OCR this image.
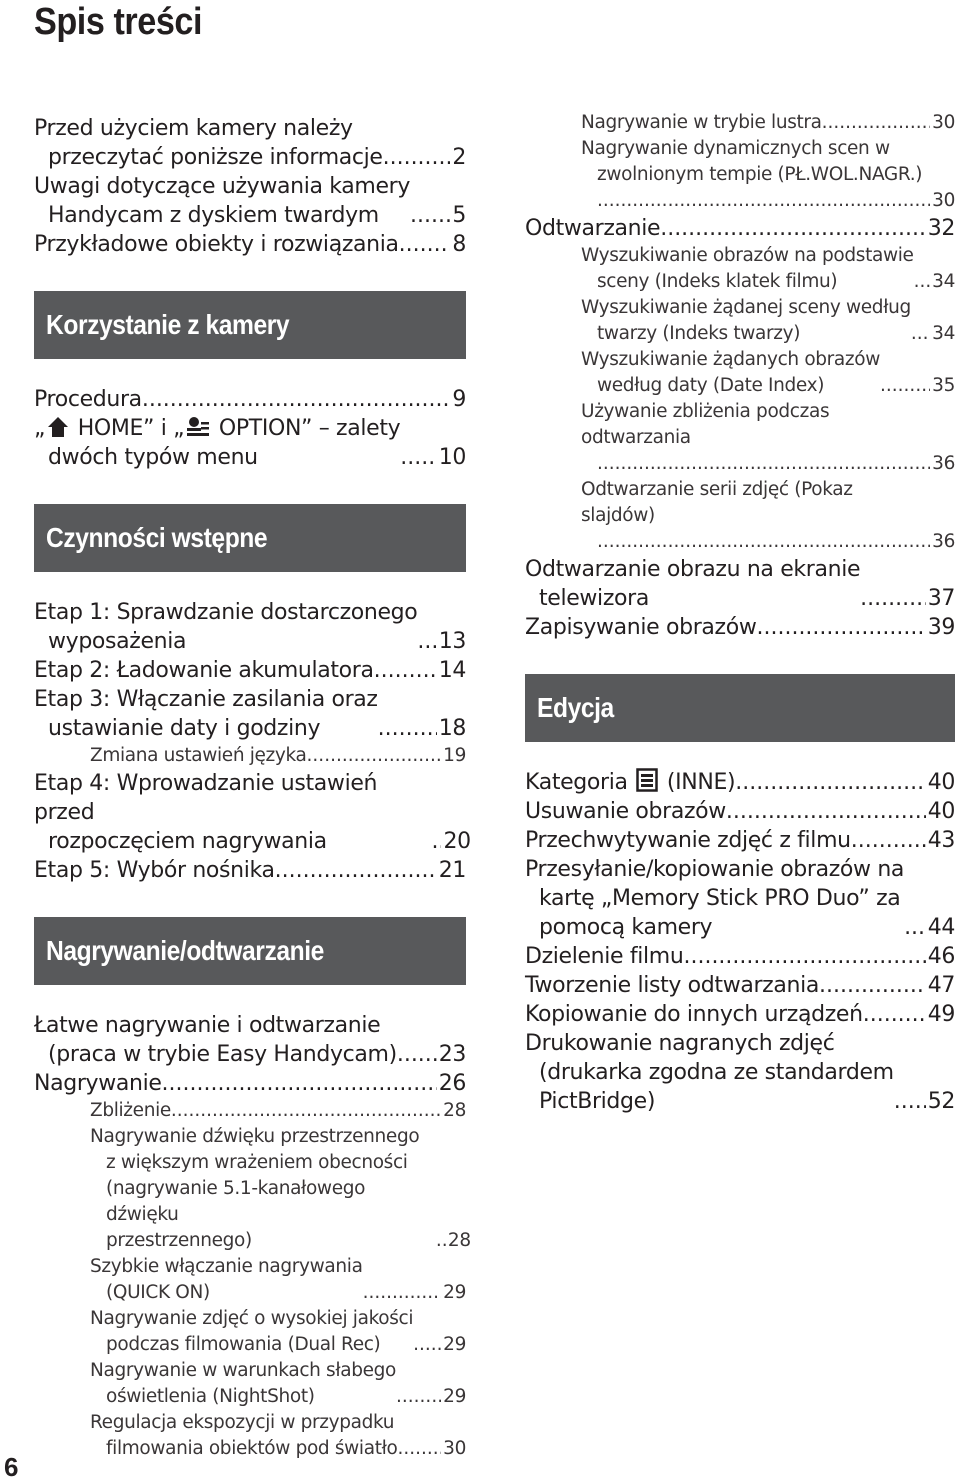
Spis treści
Przed użyciem kamery należy
przeczytać poniższe informacje .....	2
Uwagi dotyczące używania kamery
Handycam z dyskiem twardym .....	5
Przykładowe obiekty i rozwiązania ..... 8
Korzystanie z kamery
Procedura .....	9
„ HOME” i „ OPTION” – zalety
dwóch typów menu .....	10
Czynności wstępne
Etap 1: Sprawdzanie dostarczonego
wyposażenia .....	13
Etap 2: Ładowanie akumulatora .....	14
Etap 3: Włączanie zasilania oraz
ustawianie daty i godziny .....	18
Zmiana ustawień języka .....	19
Etap 4: Wprowadzanie ustawień przed
rozpoczęciem nagrywania .....	20
Etap 5: Wybór nośnika .....	21
Nagrywanie/odtwarzanie
Łatwe nagrywanie i odtwarzanie
(praca w trybie Easy Handycam) ..... 23
Nagrywanie .....	26
Zbliżenie .....	28
Nagrywanie dźwięku przestrzennego
z większym wrażeniem obecności
(nagrywanie 5.1-kanałowego dźwięku
przestrzennego) .....	28
Szybkie włączanie nagrywania
(QUICK ON) .....	29
Nagrywanie zdjęć o wysokiej jakości
podczas filmowania (Dual Rec) .....	29
Nagrywanie w warunkach słabego
oświetlenia (NightShot) .....	29
Regulacja ekspozycji w przypadku
filmowania obiektów pod światło ..... 30
Nagrywanie w trybie lustra .....	30
Nagrywanie dynamicznych scen w
zwolnionym tempie (PŁ.WOL.NAGR.)
.....
30
Odtwarzanie .....	32
Wyszukiwanie obrazów na podstawie
sceny (Indeks klatek filmu) .....	34
Wyszukiwanie żądanej sceny według
twarzy (Indeks twarzy) .....	34
Wyszukiwanie żądanych obrazów
według daty (Date Index) .....	35
Używanie zbliżenia podczas odtwarzania
.....
36
Odtwarzanie serii zdjęć (Pokaz slajdów)
.....
36
Odtwarzanie obrazu na ekranie
telewizora .....	37
Zapisywanie obrazów .....	39
Edycja
Kategoria (INNE) .....	40
Usuwanie obrazów .....	40
Przechwytywanie zdjęć z filmu .....	43
Przesyłanie/kopiowanie obrazów na
kartę „Memory Stick PRO Duo” za
pomocą kamery .....	44
Dzielenie filmu .....	46
Tworzenie listy odtwarzania .....	47
Kopiowanie do innych urządzeń .....	49
Drukowanie nagranych zdjęć
(drukarka zgodna ze standardem
PictBridge) .....	52
6
